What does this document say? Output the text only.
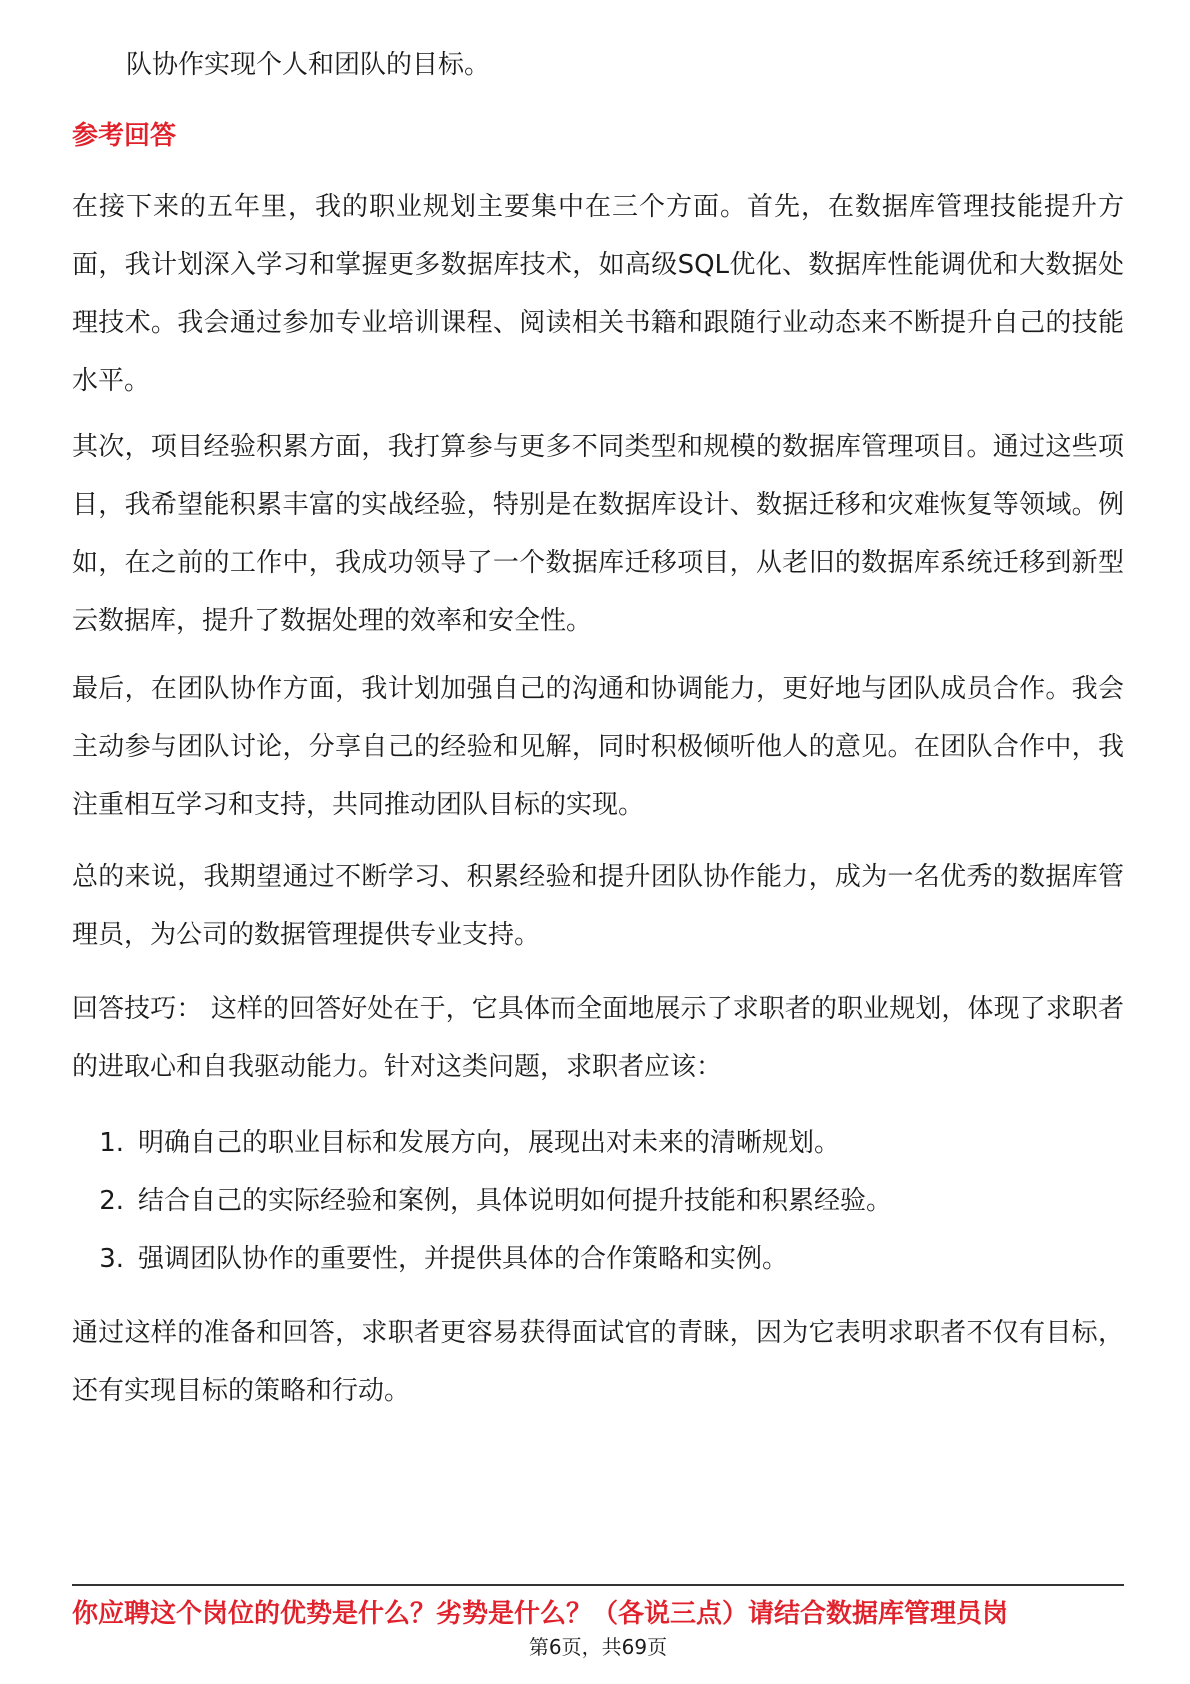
队协作实现个人和团队的目标。

参考回答

在接下来的五年里，我的职业规划主要集中在三个方面。首先，在数据库管理技能提升方面，我计划深入学习和掌握更多数据库技术，如高级SQL优化、数据库性能调优和大数据处理技术。我会通过参加专业培训课程、阅读相关书籍和跟随行业动态来不断提升自己的技能水平。

其次，项目经验积累方面，我打算参与更多不同类型和规模的数据库管理项目。通过这些项目，我希望能积累丰富的实战经验，特别是在数据库设计、数据迁移和灾难恢复等领域。例如，在之前的工作中，我成功领导了一个数据库迁移项目，从老旧的数据库系统迁移到新型云数据库，提升了数据处理的效率和安全性。

最后，在团队协作方面，我计划加强自己的沟通和协调能力，更好地与团队成员合作。我会主动参与团队讨论，分享自己的经验和见解，同时积极倾听他人的意见。在团队合作中，我注重相互学习和支持，共同推动团队目标的实现。

总的来说，我期望通过不断学习、积累经验和提升团队协作能力，成为一名优秀的数据库管理员，为公司的数据管理提供专业支持。

回答技巧： 这样的回答好处在于，它具体而全面地展示了求职者的职业规划，体现了求职者的进取心和自我驱动能力。针对这类问题，求职者应该：

1. 明确自己的职业目标和发展方向，展现出对未来的清晰规划。
2. 结合自己的实际经验和案例，具体说明如何提升技能和积累经验。
3. 强调团队协作的重要性，并提供具体的合作策略和实例。

通过这样的准备和回答，求职者更容易获得面试官的青睐，因为它表明求职者不仅有目标，还有实现目标的策略和行动。

你应聘这个岗位的优势是什么？劣势是什么？（各说三点）请结合数据库管理员岗
第6页，共69页
